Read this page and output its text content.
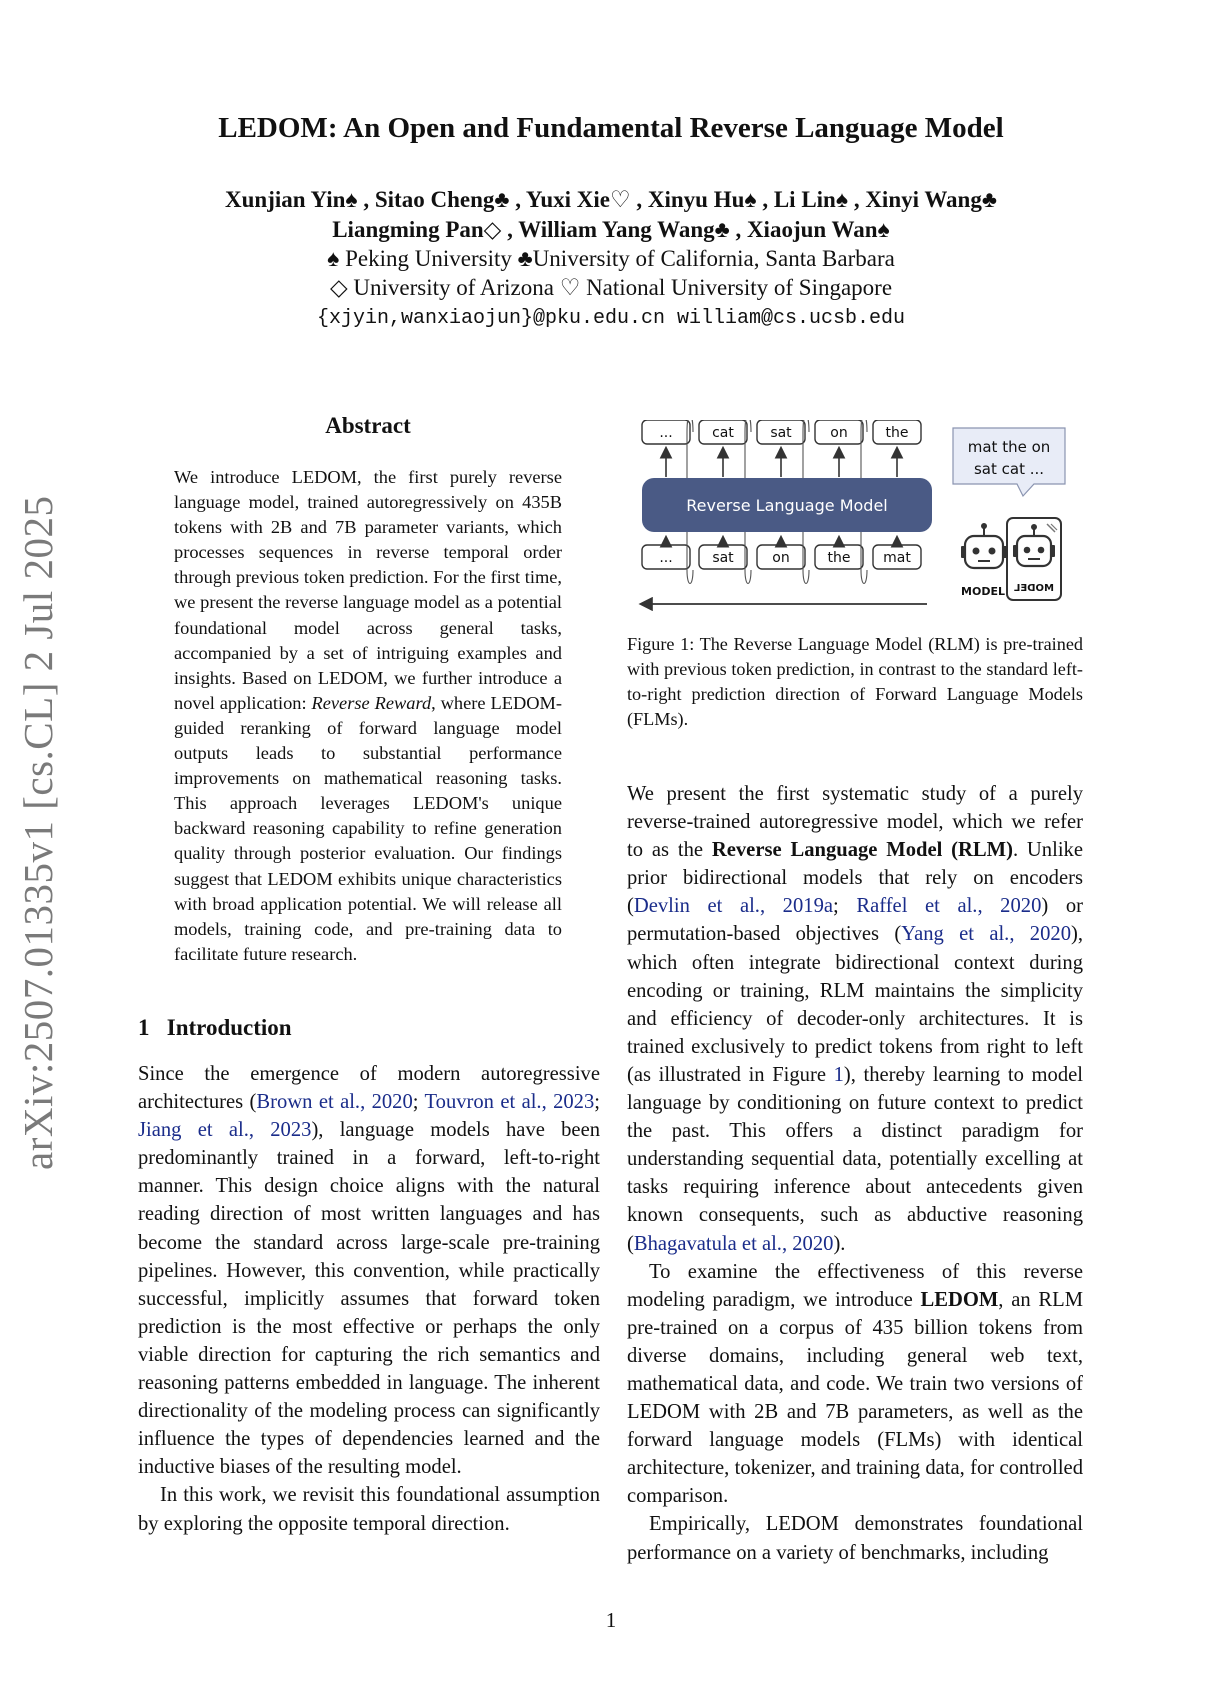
arXiv:2507.01335v1 [cs.CL] 2 Jul 2025
LEDOM: An Open and Fundamental Reverse Language Model
Xunjian Yin♠ , Sitao Cheng♣ , Yuxi Xie♡ , Xinyu Hu♠ , Li Lin♠ , Xinyi Wang♣
Liangming Pan◇ , William Yang Wang♣ , Xiaojun Wan♠
♠ Peking University ♣University of California, Santa Barbara
◇ University of Arizona ♡ National University of Singapore
{xjyin,wanxiaojun}@pku.edu.cn william@cs.ucsb.edu
Abstract

We introduce LEDOM, the first purely reverse language model, trained autoregressively on 435B tokens with 2B and 7B parameter variants, which processes sequences in reverse temporal order through previous token prediction. For the first time, we present the reverse language model as a potential foundational model across general tasks, accompanied by a set of intriguing examples and insights. Based on LEDOM, we further introduce a novel application: Reverse Reward, where LEDOM-guided reranking of forward language model outputs leads to substantial performance improvements on mathematical reasoning tasks. This approach leverages LEDOM's unique backward reasoning capability to refine generation quality through posterior evaluation. Our findings suggest that LEDOM exhibits unique characteristics with broad application potential. We will release all models, training code, and pre-training data to facilitate future research.

1 Introduction

Since the emergence of modern autoregressive architectures (Brown et al., 2020; Touvron et al., 2023; Jiang et al., 2023), language models have been predominantly trained in a forward, left-to-right manner. This design choice aligns with the natural reading direction of most written languages and has become the standard across large-scale pre-training pipelines. However, this convention, while practically successful, implicitly assumes that forward token prediction is the most effective or perhaps the only viable direction for capturing the rich semantics and reasoning patterns embedded in language. The inherent directionality of the modeling process can significantly influence the types of dependencies learned and the inductive biases of the resulting model.

In this work, we revisit this foundational assumption by exploring the opposite temporal direction.

...	cat	sat	on	the
...	sat	on	the mat
Reverse Language Model
mat the on
sat cat ...
MODEL MODEL
Figure 1: The Reverse Language Model (RLM) is pre-trained with previous token prediction, in contrast to the standard left-to-right prediction direction of Forward Language Models (FLMs).

We present the first systematic study of a purely reverse-trained autoregressive model, which we refer to as the Reverse Language Model (RLM). Unlike prior bidirectional models that rely on encoders (Devlin et al., 2019a; Raffel et al., 2020) or permutation-based objectives (Yang et al., 2020), which often integrate bidirectional context during encoding or training, RLM maintains the simplicity and efficiency of decoder-only architectures. It is trained exclusively to predict tokens from right to left (as illustrated in Figure 1), thereby learning to model language by conditioning on future context to predict the past. This offers a distinct paradigm for understanding sequential data, potentially excelling at tasks requiring inference about antecedents given known consequents, such as abductive reasoning (Bhagavatula et al., 2020).

To examine the effectiveness of this reverse modeling paradigm, we introduce LEDOM, an RLM pre-trained on a corpus of 435 billion tokens from diverse domains, including general web text, mathematical data, and code. We train two versions of LEDOM with 2B and 7B parameters, as well as the forward language models (FLMs) with identical architecture, tokenizer, and training data, for controlled comparison.

Empirically, LEDOM demonstrates foundational performance on a variety of benchmarks, including

1
